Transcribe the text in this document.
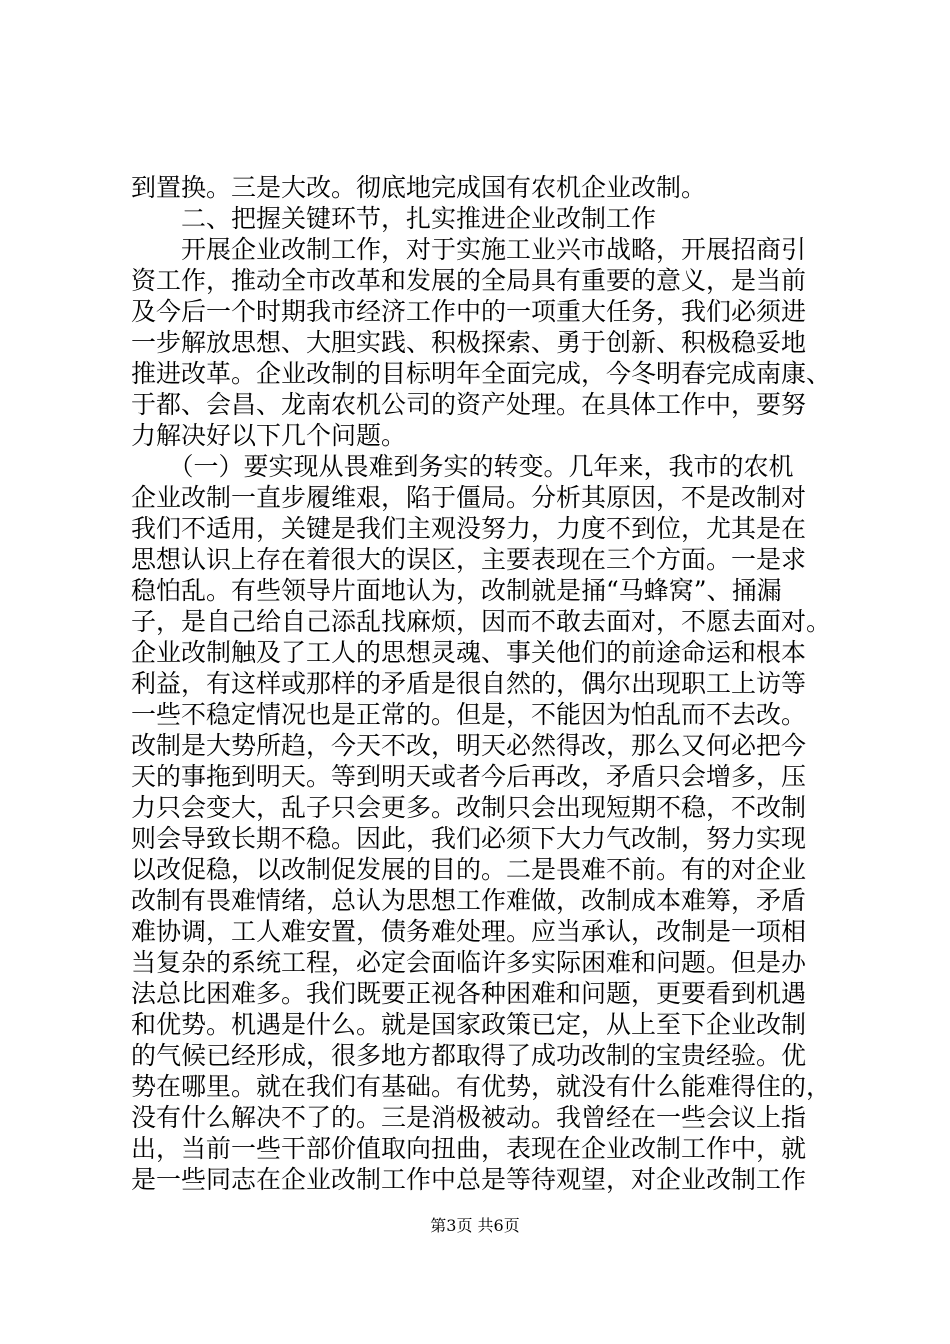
到置换。三是大改。彻底地完成国有农机企业改制。
　　二、把握关键环节，扎实推进企业改制工作
　　开展企业改制工作，对于实施工业兴市战略，开展招商引
资工作，推动全市改革和发展的全局具有重要的意义，是当前
及今后一个时期我市经济工作中的一项重大任务，我们必须进
一步解放思想、大胆实践、积极探索、勇于创新、积极稳妥地
推进改革。企业改制的目标明年全面完成，今冬明春完成南康、
于都、会昌、龙南农机公司的资产处理。在具体工作中，要努
力解决好以下几个问题。
　　（一）要实现从畏难到务实的转变。几年来，我市的农机
企业改制一直步履维艰，陷于僵局。分析其原因，不是改制对
我们不适用，关键是我们主观没努力，力度不到位，尤其是在
思想认识上存在着很大的误区，主要表现在三个方面。一是求
稳怕乱。有些领导片面地认为，改制就是捅“马蜂窝”、捅漏
子，是自己给自己添乱找麻烦，因而不敢去面对，不愿去面对。
企业改制触及了工人的思想灵魂、事关他们的前途命运和根本
利益，有这样或那样的矛盾是很自然的，偶尔出现职工上访等
一些不稳定情况也是正常的。但是，不能因为怕乱而不去改。
改制是大势所趋，今天不改，明天必然得改，那么又何必把今
天的事拖到明天。等到明天或者今后再改，矛盾只会增多，压
力只会变大，乱子只会更多。改制只会出现短期不稳，不改制
则会导致长期不稳。因此，我们必须下大力气改制，努力实现
以改促稳，以改制促发展的目的。二是畏难不前。有的对企业
改制有畏难情绪，总认为思想工作难做，改制成本难筹，矛盾
难协调，工人难安置，债务难处理。应当承认，改制是一项相
当复杂的系统工程，必定会面临许多实际困难和问题。但是办
法总比困难多。我们既要正视各种困难和问题，更要看到机遇
和优势。机遇是什么。就是国家政策已定，从上至下企业改制
的气候已经形成，很多地方都取得了成功改制的宝贵经验。优
势在哪里。就在我们有基础。有优势，就没有什么能难得住的，
没有什么解决不了的。三是消极被动。我曾经在一些会议上指
出，当前一些干部价值取向扭曲，表现在企业改制工作中，就
是一些同志在企业改制工作中总是等待观望，对企业改制工作
第3页 共6页
